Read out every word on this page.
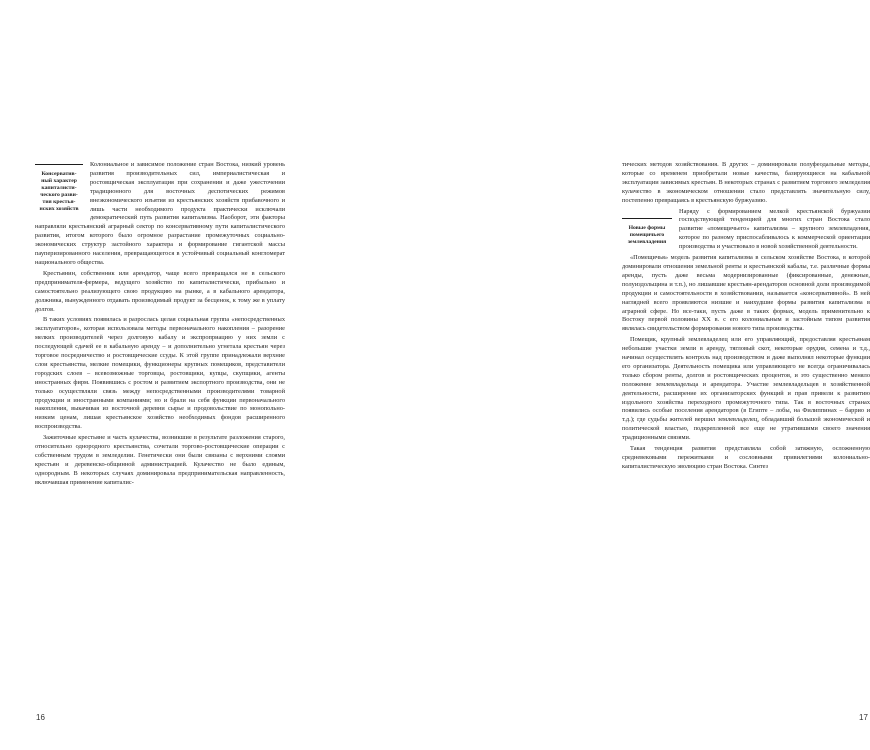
Консерватив-ный характер капиталисти-ческого разви-тия крестья-нских хозяйств
Колониальное и зависимое положение стран Востока, низкий уровень развития производительных сил, империалистическая и ростовщическая эксплуатация при сохранении и даже ужесточении традиционного для восточных деспотических режимов внеэкономического изъятия из крестьянских хозяйств прибавочного и лишь части необходимого продукта практически исключали демократический путь развития капитализма. Наоборот, эти факторы направляли крестьянский аграрный сектор по консервативному пути капиталистического развития, итогом которого было огромное разрастание промежуточных социально-экономических структур застойного характера и формирование гигантской массы пауперизированного населения, превращающегося в устойчивый социальный конгломерат национального общества.

Крестьянин, собственник или арендатор, чаще всего превращался не в сельского предпринимателя-фермера, ведущего хозяйство по капиталистически, прибыльно и самостоятельно реализующего свою продукцию на рынке, а в кабального арендатора, должника, вынужденного отдавать производимый продукт за бесценок, к тому же в уплату долгов.

В таких условиях появилась и разрослась целая социальная группа «непосредственных эксплуататоров», которая использовала методы первоначального накопления – разорение мелких производителей через долговую кабалу и экспроприацию у них земли с последующей сдачей ее в кабальную аренду – и дополнительно угнетала крестьян через торговое посредничество и ростовщические ссуды. К этой группе принадлежали верхние слои крестьянства, мелкие помещики, функционеры крупных помещиков, представители городских слоев – всевозможные торговцы, ростовщики, купцы, скупщики, агенты иностранных фирм. Появившись с ростом и развитием экспортного производства, они не только осуществляли связь между непосредственными производителями товарной продукции и иностранными компаниями; но и брали на себя функции первоначального накопления, выкачивая из восточной деревни сырье и продовольствие по монопольно-низким ценам, лишая крестьянское хозяйство необходимых фондов расширенного воспроизводства.

Зажиточные крестьяне и часть кулачества, возникшие в результате разложения старого, относительно однородного крестьянства, сочетали торгово-ростовщические операции с собственным трудом в земледелии. Генетически они были связаны с верхними слоями крестьян и деревенско-общинной администрацией. Кулачество не было единым, однородным. В некоторых случаях доминировала предпринимательская направленность, включавшая применение капиталис-

16

тических методов хозяйствования. В других – доминировали полуфеодальные методы, которые со временем приобретали новые качества, базирующиеся на кабальной эксплуатации зависимых крестьян. В некоторых странах с развитием торгового земледелия кулачество в экономическом отношении стало представлять значительную силу, постепенно превращаясь в крестьянскую буржуазию.

Новые формы помещичьего землевладения
Наряду с формированием мелкой крестьянской буржуазии господствующей тенденцией для многих стран Востока стало развитие «помещичьего» капитализма – крупного землевладения, которое по разному приспосабливалось к коммерческой ориентации производства и участвовало в новой хозяйственной деятельности.

«Помещичья» модель развития капитализма в сельском хозяйстве Востока, в которой доминировали отношения земельной ренты и крестьянской кабалы, т.е. различные формы аренды, пусть даже весьма модернизированные (фиксированные, денежные, полуиздольщина и т.п.), но лишавшие крестьян-арендаторов основной доли производимой продукции и самостоятельности в хозяйствовании, называется «консервативной». В ней наглядней всего проявляются низшие и наихудшие формы развития капитализма в аграрной сфере. Но все-таки, пусть даже в таких формах, модель применительно к Востоку первой половины XX в. с его колониальным и застойным типом развития являлась свидетельством формирования нового типа производства.

Помещик, крупный землевладелец или его управляющий, предоставляя крестьянам небольшие участки земли в аренду, тягловый скот, некоторые орудия, семена и т.д., начинал осуществлять контроль над производством и даже выполнял некоторые функции его организатора. Деятельность помещика или управляющего не всегда ограничивалась только сбором ренты, долгов и ростовщических процентов, и это существенно меняло положение землевладельца и арендатора. Участие землевладельцев в хозяйственной деятельности, расширение их организаторских функций и прав привели к развитию издольного хозяйства переходного промежуточного типа. Так в восточных странах появились особые поселения арендаторов (в Египте – лобы, на Филиппинах – баррио и т.д.); где судьбы жителей вершил землевладелец, обладавший большой экономической и политической властью, подкрепленной все еще не утратившими своего значения традиционными связями.

Такая тенденция развития представляла собой затяжную, осложненную средневековыми пережитками и сословными привилегиями колониально-капиталистическую эволюцию стран Востока. Синтез

17
